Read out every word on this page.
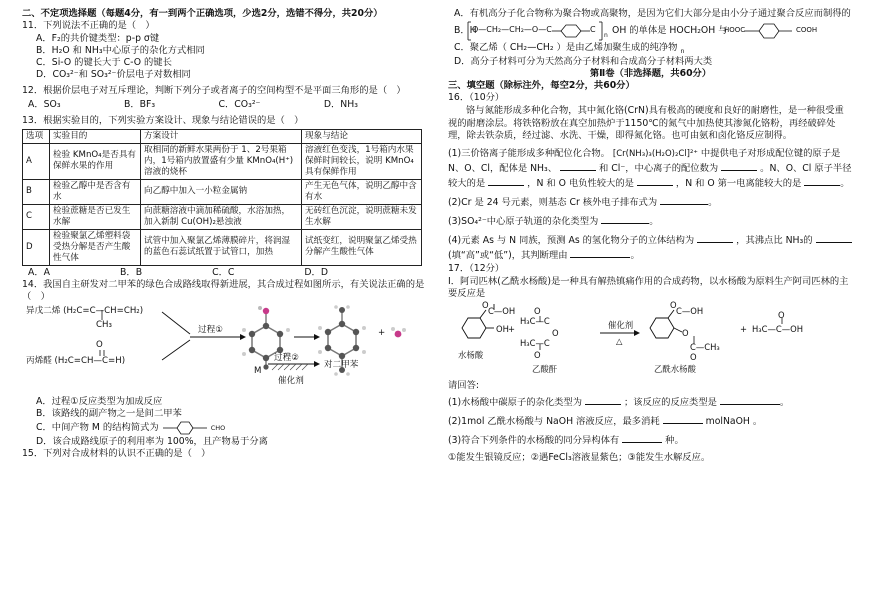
二、不定项选择题（每题4分，有一到两个正确选项，少选2分，选错不得分，共20分）
11．下列说法不正确的是（　）
A．F₂的共价键类型：p-p σ键
B．H₂O 和 NH₃中心原子的杂化方式相同
C．Si-O 的键长大于 C-O 的键长
D．CO₃²⁻和 SO₃²⁻价层电子对数相同
12．根据价层电子对互斥理论，判断下列分子或者离子的空间构型不是平面三角形的是（　）
A．SO₃	B．BF₃	C．CO₃²⁻	D．NH₃
13．根据实验目的，下列实验方案设计、现象与结论错误的是（　）
选项	实验目的	方案设计	现象与结论
A	检验 KMnO₄是否具有保鲜水果的作用	取相同的新鲜水果两份于 1、2号果箱内，1号箱内放置盛有少量 KMnO₄(H⁺)溶液的烧杯	溶液红色变浅，1号箱内水果保鲜时间较长，说明 KMnO₄具有保鲜作用
B	检验乙醇中是否含有水	向乙醇中加入一小粒金属钠	产生无色气体，说明乙醇中含有水
C	检验蔗糖是否已发生水解	向蔗糖溶液中滴加稀硫酸，水浴加热，加入新制 Cu(OH)₂悬浊液	无砖红色沉淀，说明蔗糖未发生水解
D	检验聚氯乙烯塑料袋受热分解是否产生酸性气体	试管中加入聚氯乙烯薄膜碎片，将润湿的蓝色石蕊试纸置于试管口，加热	试纸变红，说明聚氯乙烯受热分解产生酸性气体
A．A	B．B	C．C	D．D
14．我国自主研发对二甲苯的绿色合成路线取得新进展，其合成过程如图所示，有关说法正确的是（　）
异戊二烯 (H₂C=C—CH=CH₂)
CH₃
O
丙烯醛 (H₂C=CH—C=H)
过程①	+
M
过程②
对二甲苯
催化剂
A．过程①反应类型为加成反应
B．该路线的副产物之一是间二甲苯
C．中间产物 M 的结构简式为	CHO
D．该合成路线原子的利用率为 100%，且产物易于分离
15．下列对合成材料的认识不正确的是（　）
A．有机高分子化合物称为聚合物或高聚物，是因为它们大部分是由小分子通过聚合反应而制得的
B．H
O—CH₂—CH₂—O—C	C
n OH 的单体是 HOCH₂OH 与
HOOC	COOH
C．聚乙烯（ CH₂—CH₂ ）是由乙烯加聚生成的纯净物 $_n$
D．高分子材料可分为天然高分子材料和合成高分子材料两大类
第Ⅱ卷（非选择题，共60分）
三、填空题（除标注外，每空2分，共60分）
16．（10分）
铬与氮能形成多种化合物，其中氮化铬(CrN)具有极高的硬度和良好的耐磨性，是一种很受重视的耐磨涂层。将铁铬粉放在真空加热炉于1150℃的氮气中加热使其渗氮化铬粉，再经破碎处理，除去铁杂质，经过滤、水洗、干燥，即得氮化铬。也可由氨和卤化铬反应制得。
(1)三价铬离子能形成多种配位化合物。 [Cr(NH₃)₃(H₂O)₂Cl]²⁺ 中提供电子对形成配位键的原子是 N、O、Cl，配体是 NH₃、	和 Cl⁻，中心离子的配位数为	。N、O、Cl 原子半径较大的是	，N 和 O 电负性较大的是	，N 和 O 第一电离能较大的是	。
(2)Cr 是 24 号元素，则基态 Cr 核外电子排布式为	。
(3)SO₄²⁻中心原子轨道的杂化类型为	。
(4)元素 As 与 N 同族，预测 As 的氢化物分子的立体结构为	，其沸点比 NH₃的  (填“高”或“低”)，其判断理由	。
17．（12分）
Ⅰ．阿司匹林(乙酰水杨酸)是一种具有解热镇痛作用的合成药物，以水杨酸为原料生产阿司匹林的主要反应是
O
C—OH
OH
水杨酸
O
H₃C—C
O
H₃C—C
O
乙酸酐
+	催化剂
△
O
C—OH
O
C—CH₃
O
乙酰水杨酸
+
O
H₃C—C—OH
请回答:
(1)水杨酸中碳原子的杂化类型为	；该反应的反应类型是	。
(2)1mol 乙酰水杨酸与 NaOH 溶液反应，最多消耗	molNaOH 。
(3)符合下列条件的水杨酸的同分异构体有	种。
①能发生银镜反应；②遇FeCl₃溶液显紫色；③能发生水解反应。
